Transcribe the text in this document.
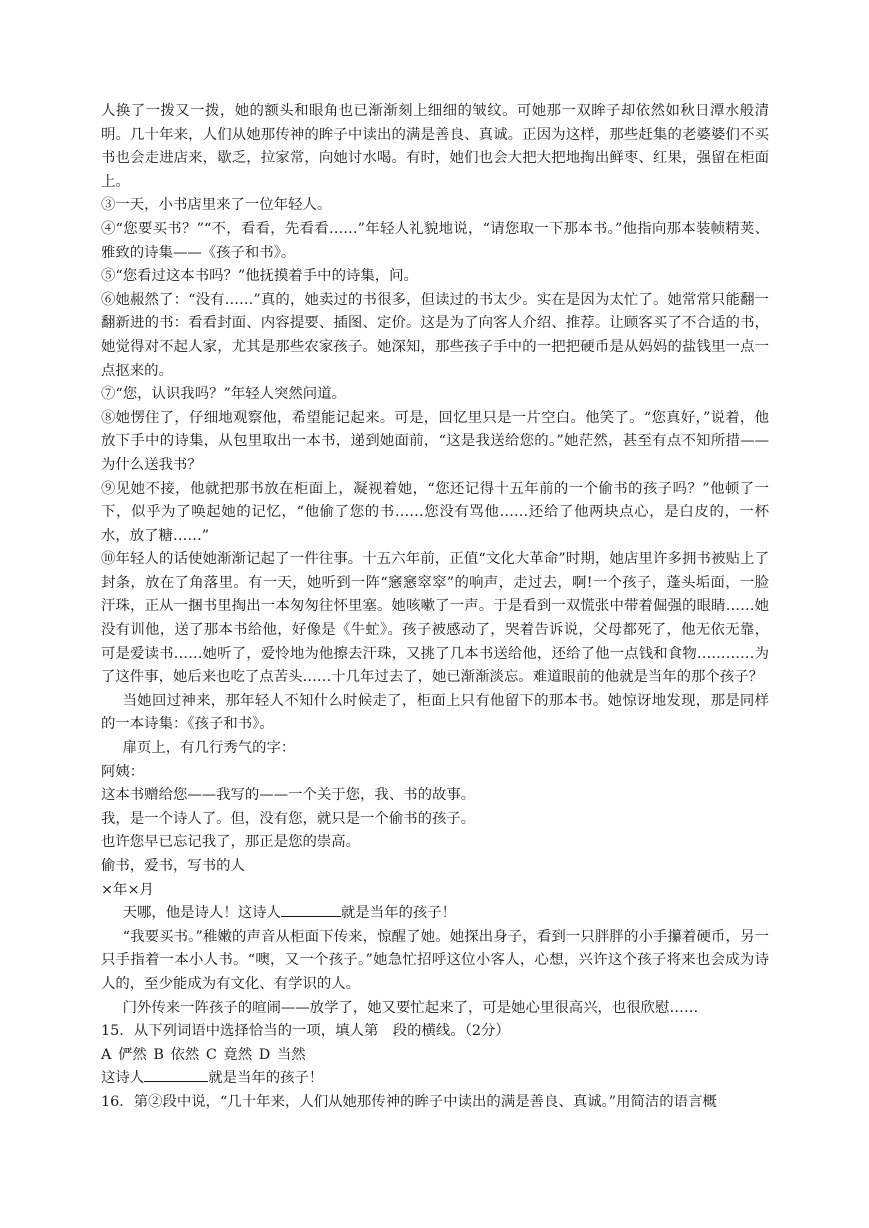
人换了一拨又一拨，她的额头和眼角也已渐渐刻上细细的皱纹。可她那一双眸子却依然如秋日潭水般清明。几十年来，人们从她那传神的眸子中读出的满是善良、真诚。正因为这样，那些赶集的老婆婆们不买书也会走进店来，歇乏，拉家常，向她讨水喝。有时，她们也会大把大把地掏出鲜枣、红果，强留在柜面上。

③一天，小书店里来了一位年轻人。

④“您要买书？”“不，看看，先看看……”年轻人礼貌地说，“请您取一下那本书。”他指向那本装帧精荚、雅致的诗集——《孩子和书》。

⑤“您看过这本书吗？”他抚摸着手中的诗集，问。

⑥她赧然了：“没有……”真的，她卖过的书很多，但读过的书太少。实在是因为太忙了。她常常只能翻一翻新进的书：看看封面、内容提要、插图、定价。这是为了向客人介绍、推荐。让顾客买了不合适的书，她觉得对不起人家，尤其是那些农家孩子。她深知，那些孩子手中的一把把硬币是从妈妈的盐钱里一点一点抠来的。

⑦“您，认识我吗？”年轻人突然问道。

⑧她愣住了，仔细地观察他，希望能记起来。可是，回忆里只是一片空白。他笑了。“您真好，”说着，他放下手中的诗集，从包里取出一本书，递到她面前，“这是我送给您的。”她茫然，甚至有点不知所措——为什么送我书？

⑨见她不接，他就把那书放在柜面上，凝视着她，“您还记得十五年前的一个偷书的孩子吗？”他顿了一下，似乎为了唤起她的记忆，“他偷了您的书……您没有骂他……还给了他两块点心，是白皮的，一杯水，放了糖……”

⑩年轻人的话使她渐渐记起了一件往事。十五六年前，正值“文化大革命”时期，她店里许多拥书被贴上了封条，放在了角落里。有一天，她听到一阵“窸窸窣窣”的响声，走过去，啊!一个孩子，蓬头垢面，一脸汗珠，正从一捆书里掏出一本匆匆往怀里塞。她咳嗽了一声。于是看到一双慌张中带着倔强的眼睛……她没有训他，送了那本书给他，好像是《牛虻》。孩子被感动了，哭着告诉说，父母都死了，他无依无靠，可是爱读书……她听了，爱怜地为他擦去汗珠，又挑了几本书送给他，还给了他一点钱和食物…………为了这件事，她后来也吃了点苦头……十几年过去了，她已渐渐淡忘。难道眼前的他就是当年的那个孩子？

当她回过神来，那年轻人不知什么时候走了，柜面上只有他留下的那本书。她惊讶地发现，那是同样的一本诗集：《孩子和书》。

扉页上，有几行秀气的字：

阿姨：

这本书赠给您——我写的——一个关于您，我、书的故事。

我，是一个诗人了。但，没有您，就只是一个偷书的孩子。

也许您早已忘记我了，那正是您的崇高。

偷书，爱书，写书的人

×年×月

天哪，他是诗人！这诗人	就是当年的孩子！

“我要买书。”稚嫩的声音从柜面下传来，惊醒了她。她探出身子，看到一只胖胖的小手攥着硬币，另一只手指着一本小人书。“噢，又一个孩子。”她急忙招呼这位小客人，心想，兴许这个孩子将来也会成为诗人的，至少能成为有文化、有学识的人。

门外传来一阵孩子的喧闹——放学了，她又要忙起来了，可是她心里很高兴，也很欣慰……

15．从下列词语中选择恰当的一项，填人第　段的横线。（2分）

A 俨然 B 依然 C 竟然 D 当然

这诗人	就是当年的孩子！

16．第②段中说，“几十年来，人们从她那传神的眸子中读出的满是善良、真诚。”用简洁的语言概
